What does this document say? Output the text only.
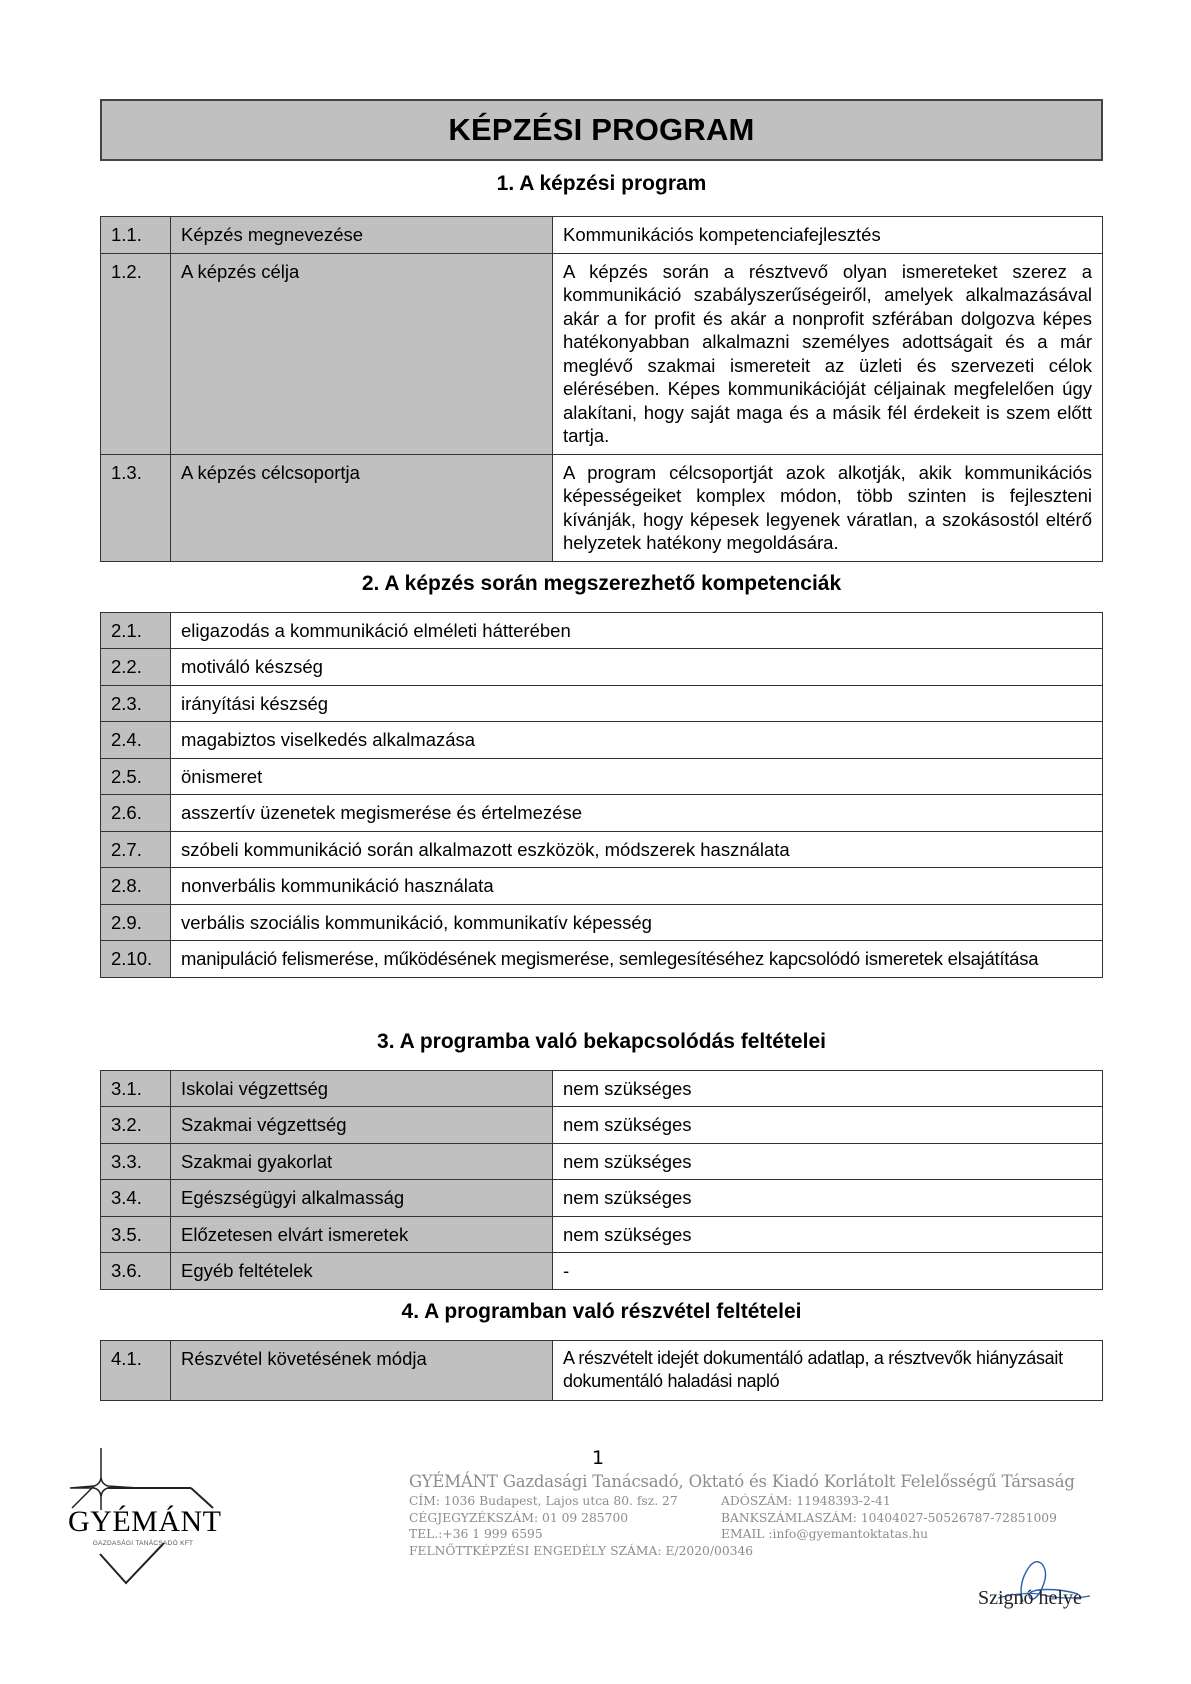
KÉPZÉSI PROGRAM
1. A képzési program
1.1.	Képzés megnevezése	Kommunikációs kompetenciafejlesztés
1.2.	A képzés célja	A képzés során a résztvevő olyan ismereteket szerez a kommunikáció szabályszerűségeiről, amelyek alkalmazásával akár a for profit és akár a nonprofit szférában dolgozva képes hatékonyabban alkalmazni személyes adottságait és a már meglévő szakmai ismereteit az üzleti és szervezeti célok elérésében. Képes kommunikációját céljainak megfelelően úgy alakítani, hogy saját maga és a másik fél érdekeit is szem előtt tartja.
1.3.	A képzés célcsoportja	A program célcsoportját azok alkotják, akik kommunikációs képességeiket komplex módon, több szinten is fejleszteni kívánják, hogy képesek legyenek váratlan, a szokásostól eltérő helyzetek hatékony megoldására.
2. A képzés során megszerezhető kompetenciák
2.1.	eligazodás a kommunikáció elméleti hátterében
2.2.	motiváló készség
2.3.	irányítási készség
2.4.	magabiztos viselkedés alkalmazása
2.5.	önismeret
2.6.	asszertív üzenetek megismerése és értelmezése
2.7.	szóbeli kommunikáció során alkalmazott eszközök, módszerek használata
2.8.	nonverbális kommunikáció használata
2.9.	verbális szociális kommunikáció, kommunikatív képesség
2.10.	manipuláció felismerése, működésének megismerése, semlegesítéséhez kapcsolódó ismeretek elsajátítása
3. A programba való bekapcsolódás feltételei
3.1.	Iskolai végzettség	nem szükséges
3.2.	Szakmai végzettség	nem szükséges
3.3.	Szakmai gyakorlat	nem szükséges
3.4.	Egészségügyi alkalmasság	nem szükséges
3.5.	Előzetesen elvárt ismeretek	nem szükséges
3.6.	Egyéb feltételek	-
4. A programban való részvétel feltételei
4.1.	Részvétel követésének módja	A részvételt idejét dokumentáló adatlap, a résztvevők hiányzásait dokumentáló haladási napló
1
GYÉMÁNT
GAZDASÁGI TANÁCSADÓ KFT
GYÉMÁNT Gazdasági Tanácsadó, Oktató és Kiadó Korlátolt Felelősségű Társaság
CÍM: 1036 Budapest, Lajos utca 80. fsz. 27	ADÓSZÁM: 11948393-2-41
CÉGJEGYZÉKSZÁM: 01 09 285700	BANKSZÁMLASZÁM: 10404027-50526787-72851009
TEL.:+36 1 999 6595	EMAIL :info@gyemantoktatas.hu
FELNŐTTKÉPZÉSI ENGEDÉLY SZÁMA: E/2020/00346
Szignó helye
